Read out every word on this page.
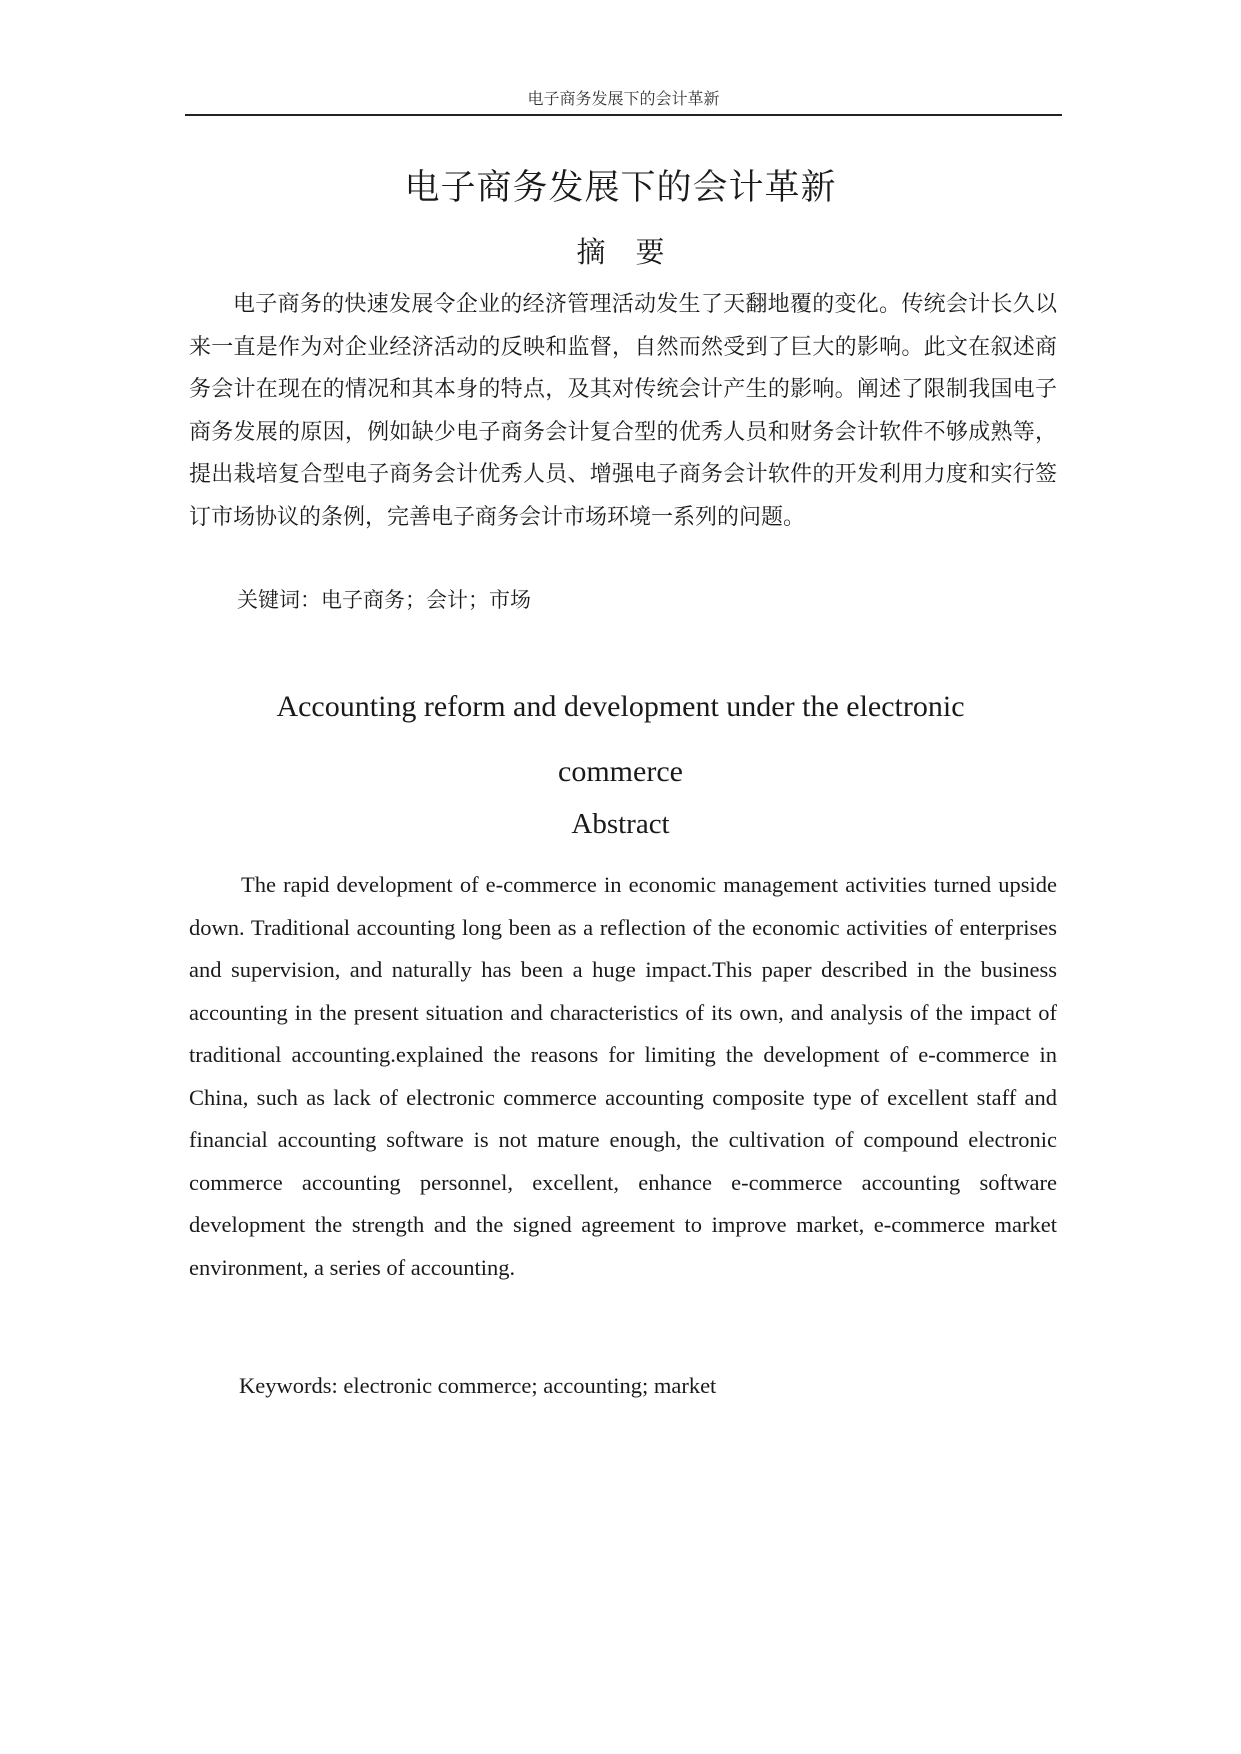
电子商务发展下的会计革新
电子商务发展下的会计革新
摘要

电子商务的快速发展令企业的经济管理活动发生了天翻地覆的变化。传统会计长久以来一直是作为对企业经济活动的反映和监督，自然而然受到了巨大的影响。此文在叙述商务会计在现在的情况和其本身的特点，及其对传统会计产生的影响。阐述了限制我国电子商务发展的原因，例如缺少电子商务会计复合型的优秀人员和财务会计软件不够成熟等，提出栽培复合型电子商务会计优秀人员、增强电子商务会计软件的开发利用力度和实行签订市场协议的条例，完善电子商务会计市场环境一系列的问题。

关键词：电子商务；会计；市场

Accounting reform and development under the electronic
commerce
Abstract

The rapid development of e-commerce in economic management activities turned upside down. Traditional accounting long been as a reflection of the economic activities of enterprises and supervision, and naturally has been a huge impact.This paper described in the business accounting in the present situation and characteristics of its own, and analysis of the impact of traditional accounting.explained the reasons for limiting the development of e-commerce in China, such as lack of electronic commerce accounting composite type of excellent staff and financial accounting software is not mature enough, the cultivation of compound electronic commerce accounting personnel, excellent, enhance e-commerce accounting software development the strength and the signed agreement to improve market, e-commerce market environment, a series of accounting.

Keywords: electronic commerce; accounting; market
